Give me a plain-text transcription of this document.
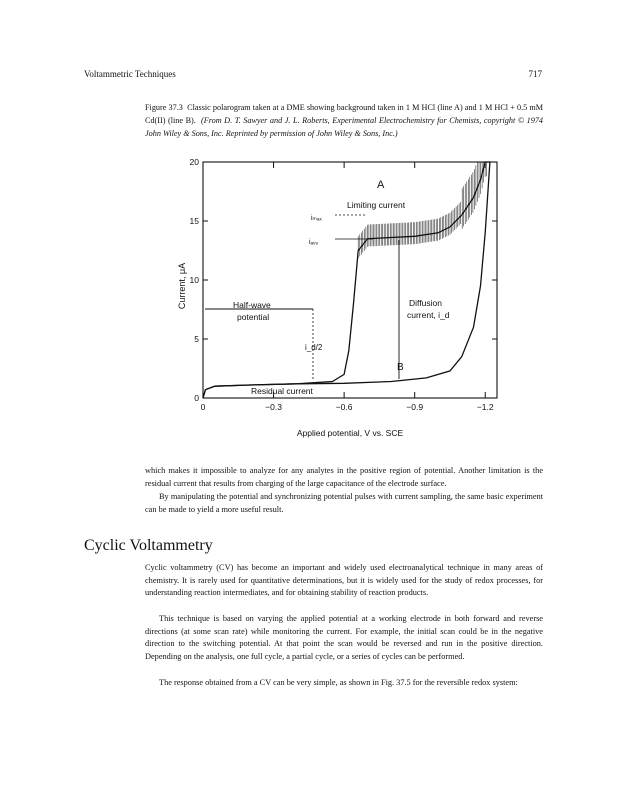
Voltammetric Techniques	717
Figure 37.3 Classic polarogram taken at a DME showing background taken in 1 M HCl (line A) and 1 M HCl + 0.5 mM Cd(II) (line B). (From D. T. Sawyer and J. L. Roberts, Experimental Electrochemistry for Chemists, copyright © 1974 John Wiley & Sons, Inc. Reprinted by permission of John Wiley & Sons, Inc.)
0
5
10
15
20
0	−0.3	−0.6	−0.9	−1.2
A
Limiting current
iₘₐₓ
iₐᵥ₉
Half-wave
potential
Diffusion
current, i_d
i_d/2
B
Residual current
Current, μA
Applied potential, V vs. SCE

which makes it impossible to analyze for any analytes in the positive region of potential. Another limitation is the residual current that results from charging of the large capacitance of the electrode surface.

By manipulating the potential and synchronizing potential pulses with current sampling, the same basic experiment can be made to yield a more useful result.

Cyclic Voltammetry

Cyclic voltammetry (CV) has become an important and widely used electroanalytical technique in many areas of chemistry. It is rarely used for quantitative determinations, but it is widely used for the study of redox processes, for understanding reaction intermediates, and for obtaining stability of reaction products.

This technique is based on varying the applied potential at a working electrode in both forward and reverse directions (at some scan rate) while monitoring the current. For example, the initial scan could be in the negative direction to the switching potential. At that point the scan would be reversed and run in the positive direction. Depending on the analysis, one full cycle, a partial cycle, or a series of cycles can be performed.

The response obtained from a CV can be very simple, as shown in Fig. 37.5 for the reversible redox system:
